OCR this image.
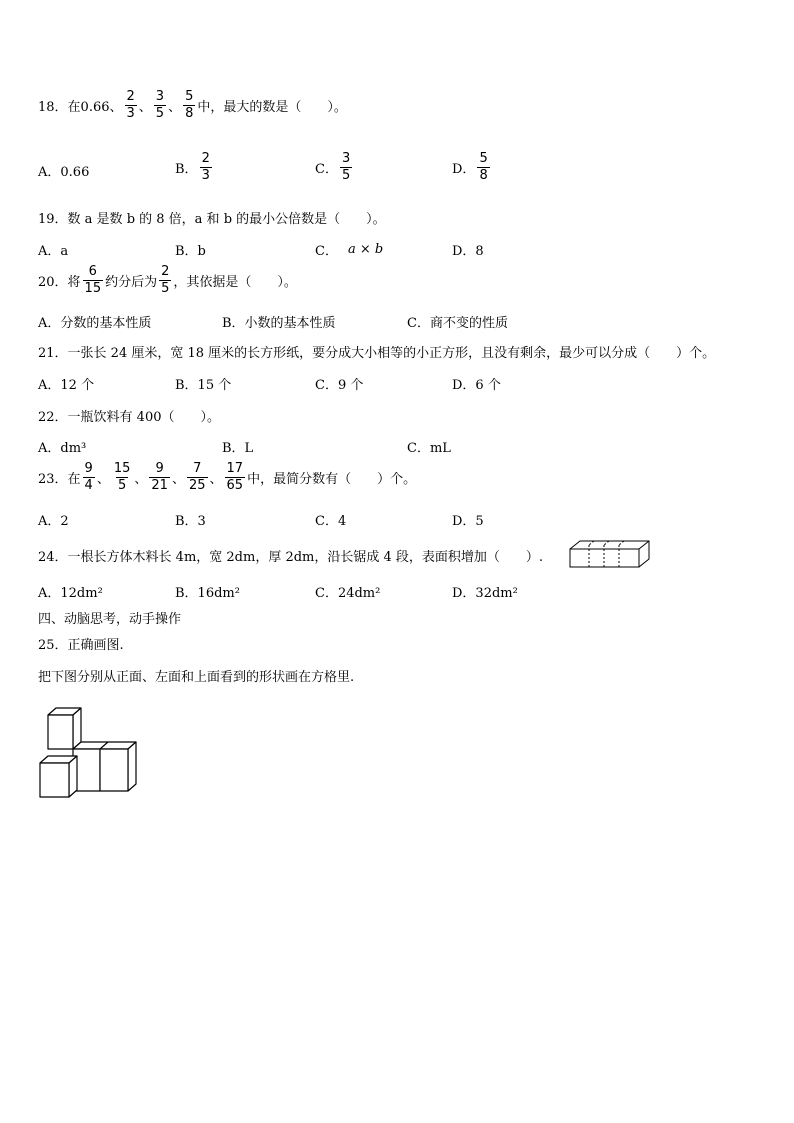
18． 在0.66、 $\frac{2}{3}$ 、 $\frac{3}{5}$ 、 $\frac{5}{8}$ 中，最大的数是（　　）。
A．0.66	B． $\frac{2}{3}$	C． $\frac{3}{5}$	D． $\frac{5}{8}$
19．数 a 是数 b 的 8 倍，a 和 b 的最小公倍数是（　　）。
A．a	B．b	C． a × b	D．8
20．将 $\frac{6}{15}$ 约分后为 $\frac{2}{5}$ ，其依据是（　　）。
A．分数的基本性质	B．小数的基本性质	C．商不变的性质
21．一张长 24 厘米，宽 18 厘米的长方形纸，要分成大小相等的小正方形，且没有剩余，最少可以分成（　　）个。
A．12 个	B．15 个	C．9 个	D．6 个
22．一瓶饮料有 400（　　）。
A．dm³	B．L	C．mL
23．在 $\frac{9}{4}$ 、 $\frac{15}{5}$ 、 $\frac{9}{21}$ 、 $\frac{7}{25}$ 、 $\frac{17}{65}$ 中，最简分数有（　　）个。
A．2	B．3	C．4	D．5
24．一根长方体木料长 4m，宽 2dm，厚 2dm，沿长锯成 4 段，表面积增加（　　）.
A．12dm²	B．16dm²	C．24dm²	D．32dm²
四、动脑思考，动手操作
25．正确画图.
把下图分别从正面、左面和上面看到的形状画在方格里.
